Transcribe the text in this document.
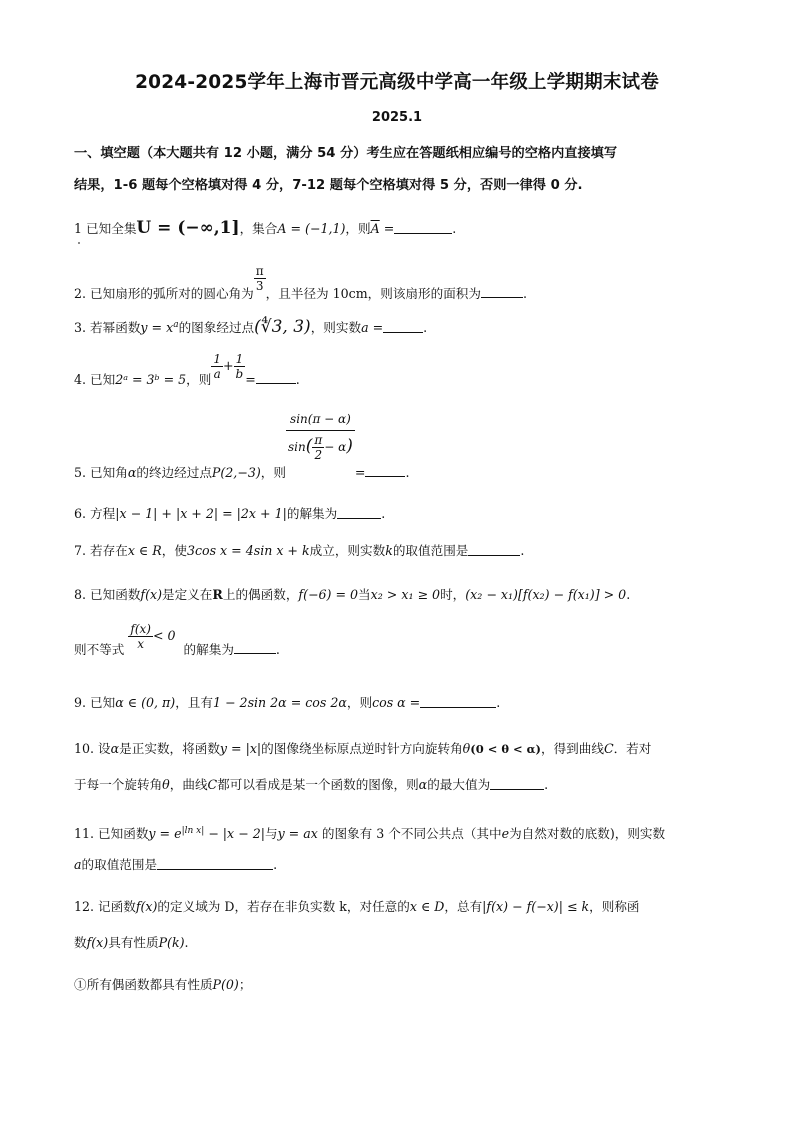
2024-2025学年上海市晋元高级中学高一年级上学期期末试卷
2025.1
一、填空题（本大题共有 12 小题，满分 54 分）考生应在答题纸相应编号的空格内直接填写
结果，1-6 题每个空格填对得 4 分，7-12 题每个空格填对得 5 分，否则一律得 0 分.
1 已知全集U = (−∞,1]，集合A = (−1,1)，则$\overline{A}$ =	.
2. 已知扇形的弧所对的圆心角为
$\frac{\pi}{3}$
，且半径为 10cm，则该扇形的面积为	.
3. 若幂函数$y = x^a$的图象经过点(∜3, 3)，则实数a =	.
4. 已知2ᵃ = 3ᵇ = 5，则 $\frac{1}{a} + \frac{1}{b}$ =	.
5. 已知角α的终边经过点P(2,−3)，则
$\frac{\sin(\pi - \alpha)}{\sin( \frac{\pi}{2} - \alpha)}$
=	.
6. 方程|x − 1| + |x + 2| = |2x + 1|的解集为	.
7. 若存在x ∈ R，使3cos x = 4sin x + k成立，则实数k的取值范围是	.
8. 已知函数f(x)是定义在R上的偶函数，f(−6) = 0当x₂ > x₁ ≥ 0时，(x₂ − x₁)[f(x₂) − f(x₁)] > 0.
则不等式 $\frac{f(x)}{x} < 0$的解集为	.
9. 已知α ∈ (0, π)，且有1 − 2sin 2α = cos 2α，则cos α =	.
10. 设α是正实数，将函数y = |x|的图像绕坐标原点逆时针方向旋转角θ(0 < θ < α)，得到曲线C．若对
于每一个旋转角θ，曲线C都可以看成是某一个函数的图像，则α的最大值为	.
11. 已知函数$y = e^{|ln x|} - |x - 2|$与y = ax 的图象有 3 个不同公共点（其中e为自然对数的底数)，则实数
a的取值范围是	.
12. 记函数f(x)的定义域为 D，若存在非负实数 k，对任意的x ∈ D，总有|f(x) − f(−x)| ≤ k，则称函
数f(x)具有性质P(k).
①所有偶函数都具有性质P(0)；
